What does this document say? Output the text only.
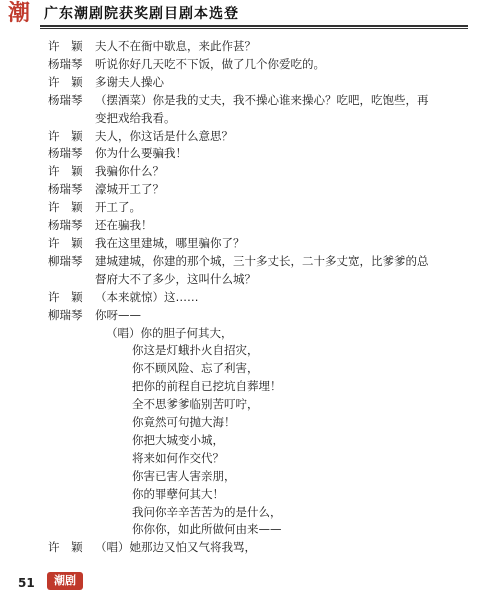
潮 广东潮剧院获奖剧目剧本选登
许 颖 夫人不在衙中歇息，来此作甚？
杨瑞琴	听说你好几天吃不下饭，做了几个你爱吃的。
许 颖 多谢夫人操心
杨瑞琴	（摆酒菜）你是我的丈夫，我不操心谁来操心？吃吧，吃饱些，再
变把戏给我看。
许 颖 夫人，你这话是什么意思？
杨瑞琴	你为什么要骗我！
许 颖 我骗你什么？
杨瑞琴	濠城开工了？
许 颖 开工了。
杨瑞琴	还在骗我！
许 颖 我在这里建城，哪里骗你了？
柳瑞琴	建城建城，你建的那个城，三十多丈长，二十多丈宽，比爹爹的总
督府大不了多少，这叫什么城？
许 颖 （本来就惊）这……
柳瑞琴	你呀——
（唱）你的胆子何其大，
你这是灯蛾扑火自招灾，
你不顾风险、忘了利害，
把你的前程自已挖坑自葬埋！
全不思爹爹临别苦叮咛，
你竟然可句抛大海！
你把大城变小城，
将来如何作交代？
你害已害人害亲朋，
你的罪孽何其大！
我问你辛辛苦苦为的是什么，
你你你，如此所做何由来——
许 颖 （唱）她那边又怕又气将我骂，
51	潮剧
